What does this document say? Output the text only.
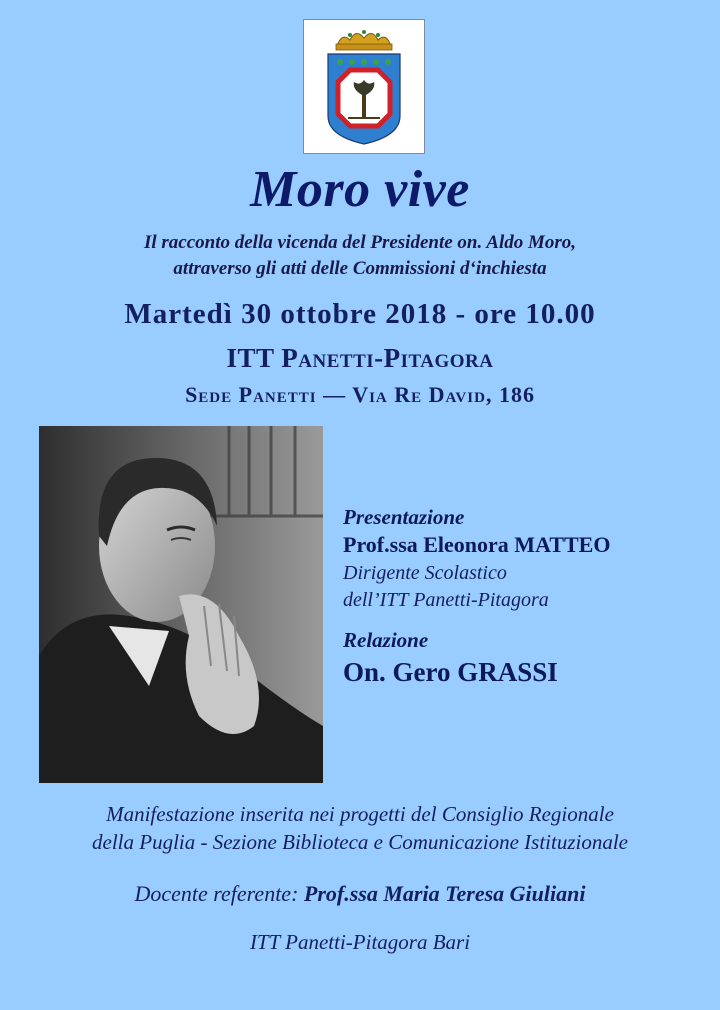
Moro vive
Il racconto della vicenda del Presidente on. Aldo Moro,
attraverso gli atti delle Commissioni d‘inchiesta
Martedì 30 ottobre 2018 - ore 10.00
ITT Panetti-Pitagora
Sede Panetti — Via Re David, 186
Presentazione
Prof.ssa Eleonora MATTEO
Dirigente Scolastico
dell’ITT Panetti-Pitagora
Relazione
On. Gero GRASSI
Manifestazione inserita nei progetti del Consiglio Regionale
della Puglia - Sezione Biblioteca e Comunicazione Istituzionale
Docente referente: Prof.ssa Maria Teresa Giuliani
ITT Panetti-Pitagora Bari
